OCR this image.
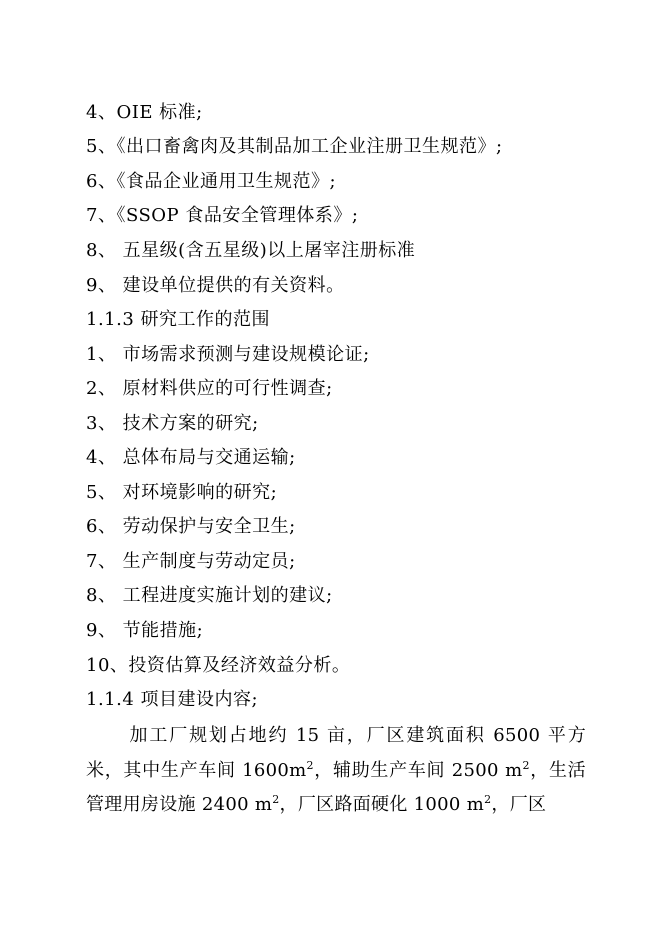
4、OIE 标准;
5、《出口畜禽肉及其制品加工企业注册卫生规范》;
6、《食品企业通用卫生规范》;
7、《SSOP 食品安全管理体系》;
8、 五星级(含五星级)以上屠宰注册标准
9、 建设单位提供的有关资料。
1.1.3 研究工作的范围
1、 市场需求预测与建设规模论证;
2、 原材料供应的可行性调查;
3、 技术方案的研究;
4、 总体布局与交通运输;
5、 对环境影响的研究;
6、 劳动保护与安全卫生;
7、 生产制度与劳动定员;
8、 工程进度实施计划的建议;
9、 节能措施;
10、投资估算及经济效益分析。
1.1.4 项目建设内容;
加工厂规划占地约 15 亩，厂区建筑面积 6500 平方米，其中生产车间 $1600m^2$，辅助生产车间 2500 $m^2$，生活管理用房设施 2400 $m^2$，厂区路面硬化 1000 $m^2$，厂区
